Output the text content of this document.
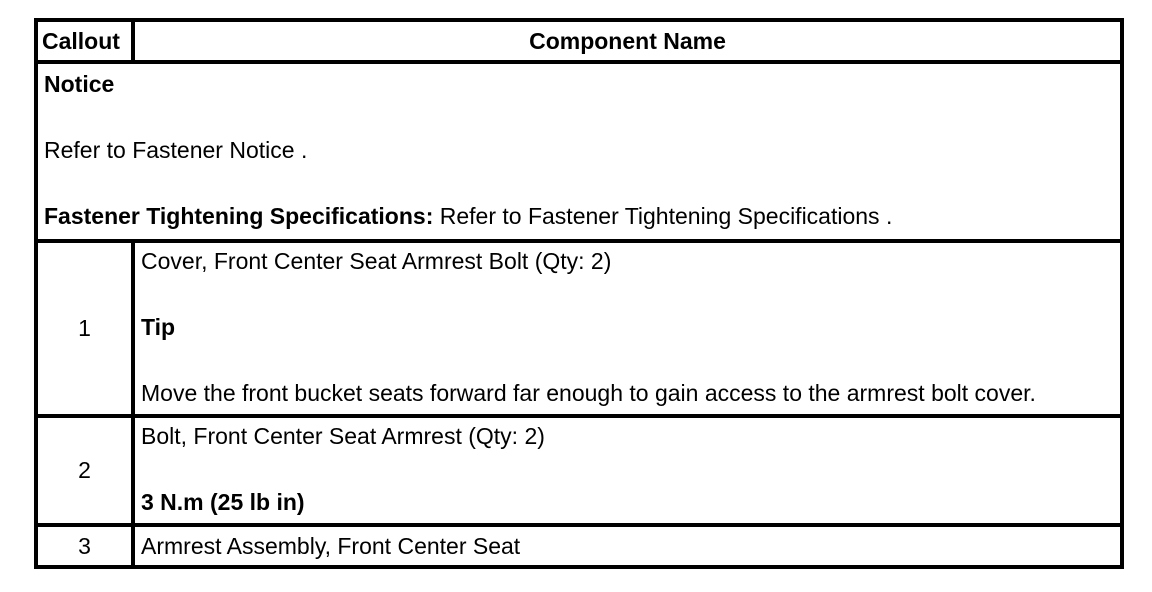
Callout	Component Name

Notice

Refer to Fastener Notice .

Fastener Tightening Specifications: Refer to Fastener Tightening Specifications .	

1	Cover, Front Center Seat Armrest Bolt (Qty: 2)

Tip

Move the front bucket seats forward far enough to gain access to the armrest bolt cover.

2	Bolt, Front Center Seat Armrest (Qty: 2)

3 N.m (25 lb in)

3	Armrest Assembly, Front Center Seat
